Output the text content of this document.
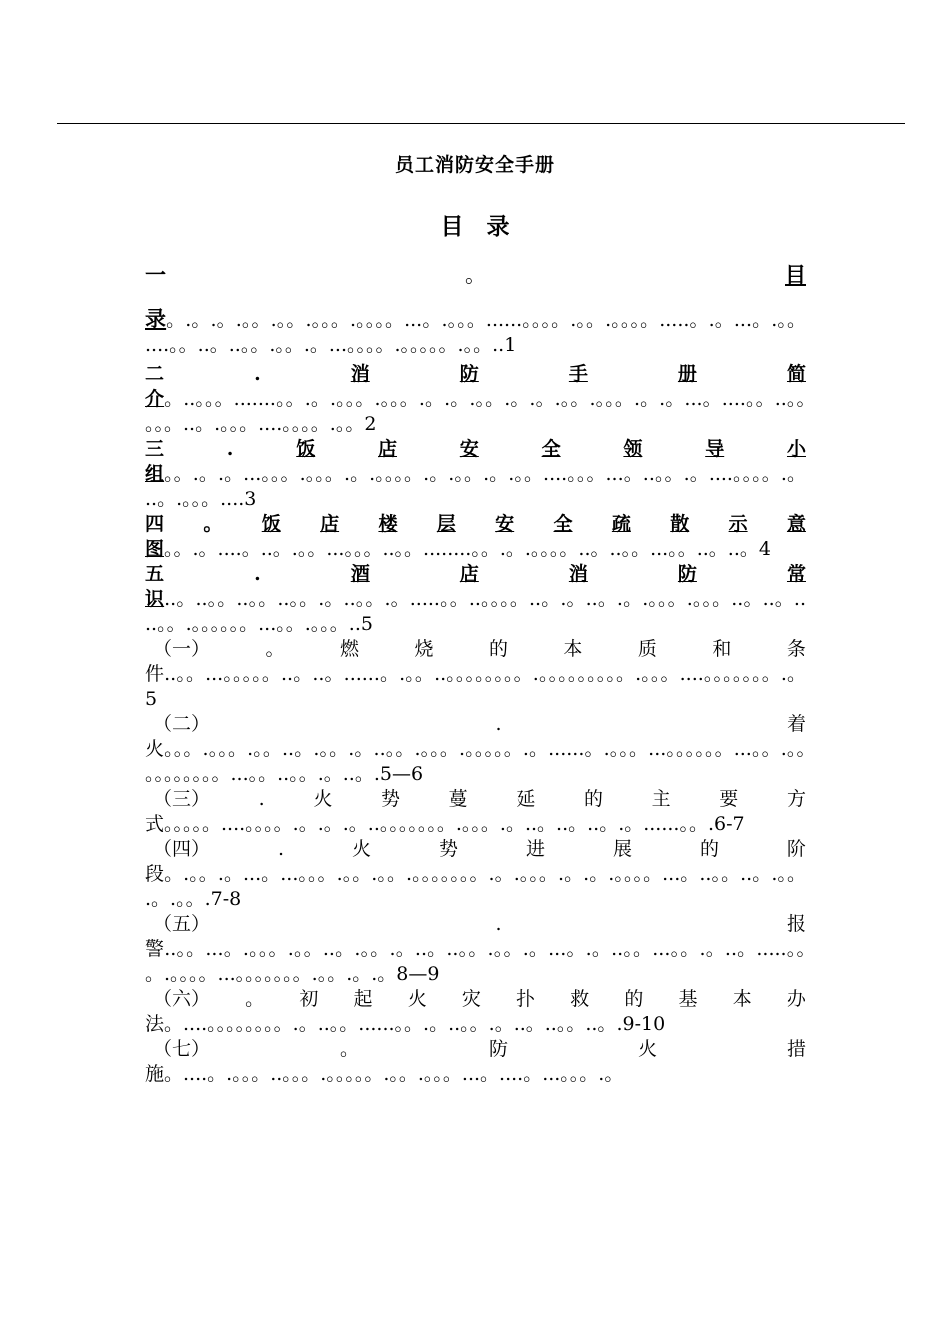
员工消防安全手册
目　录
一	。	目
录。.。.。.。。.。。.。。。.。。。。...。.。。。......。。。。.。。.。。。。.....。.。...。.。。....。。..。..。。.。。.。...。。。。.。。。。。.。。..1
二	.	消	防	手	册	简
介。..。。。.......。。.。.。。。.。。。.。.。.。。.。.。.。。.。。。.。.。...。....。。..。。。。。..。.。。。....。。。。.。。2
三	.	饭	店	安	全	领	导	小
组。。.。.。...。。。.。。。.。.。。。。.。.。。.。.。。....。。。...。..。。.。....。。。。.。..。.。。。....3
四 。 饭 店 楼 层 安 全 疏 散 示 意
图。。.。....。..。.。。...。。。..。。........。。.。.。。。。..。..。。...。。..。..。4
五	.	酒	店	消	防	常
识..。..。。..。。..。。.。..。。.。.....。。..。。。。..。.。..。.。.。。。.。。。..。..。....。。.。。。。。。...。。.。。。..5
（一）	。	燃	烧	的	本	质	和	条
件..。。...。。。。。..。..。......。.。。..。。。。。。。。.。。。。。。。。。.。。。....。。。。。。。.。5
（二）	.	着
火。。。.。。。.。。..。.。。.。..。。.。。。.。。。。。.。......。.。。。...。。。。。。...。。.。。。。。。。。。。...。。..。。.。..。.5—6
（三）	.	火	势	蔓	延	的	主	要	方
式。。。。。....。。。。.。.。.。..。。。。。。。.。。。.。..。..。..。.。......。。.6-7
（四）	.	火	势	进	展	的	阶
段。.。。.。...。...。。。.。。.。。.。。。。。。。.。.。。。.。.。.。。。。...。..。。..。.。。.。.。。.7-8
（五）	.	报
警..。。...。.。。。.。。..。.。。.。..。..。。.。。.。...。.。..。。...。。.。..。.....。。。.。。。。...。。。。。。。.。。.。.。8—9
（六） 。 初 起 火 灾 扑 救 的 基 本 办
法。....。。。。。。。。.。..。。......。。.。..。。.。..。..。。..。.9-10
（七）	。	防	火	措
施。....。.。。。..。。。.。。。。。.。。.。。。...。....。...。。。.。
